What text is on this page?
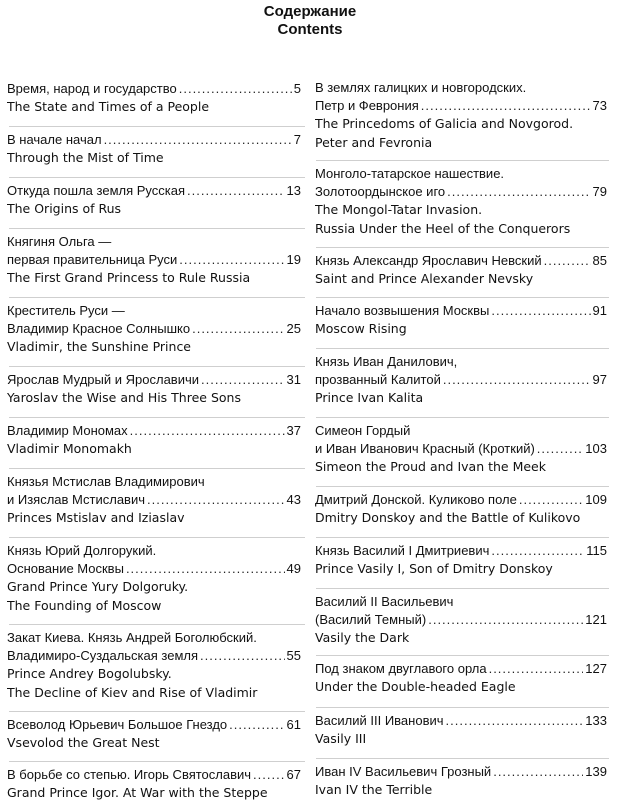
Содержание
Contents
Время, народ и государство .....	5
The State and Times of a People
В начале начал .....	7
Through the Mist of Time
Откуда пошла земля Русская .....	13
The Origins of Rus
Княгиня Ольга —
первая правительница Руси .....	19
The First Grand Princess to Rule Russia
Креститель Руси —
Владимир Красное Солнышко .....	25
Vladimir, the Sunshine Prince
Ярослав Мудрый и Ярославичи .....	31
Yaroslav the Wise and His Three Sons
Владимир Мономах .....	37
Vladimir Monomakh
Князья Мстислав Владимирович
и Изяслав Мстиславич .....	43
Princes Mstislav and Iziaslav
Князь Юрий Долгорукий.
Основание Москвы .....	49
Grand Prince Yury Dolgoruky.
The Founding of Moscow
Закат Киева. Князь Андрей Боголюбский.
Владимиро-Суздальская земля .....	55
Prince Andrey Bogolubsky.
The Decline of Kiev and Rise of Vladimir
Всеволод Юрьевич Большое Гнездо .....	61
Vsevolod the Great Nest
В борьбе со степью. Игорь Святославич .....	67
Grand Prince Igor. At War with the Steppe
В землях галицких и новгородских.
Петр и Феврония .....	73
The Princedoms of Galicia and Novgorod.
Peter and Fevronia
Монголо-татарское нашествие.
Золотоордынское иго .....	79
The Mongol-Tatar Invasion.
Russia Under the Heel of the Conquerors
Князь Александр Ярославич Невский .....	85
Saint and Prince Alexander Nevsky
Начало возвышения Москвы .....	91
Moscow Rising
Князь Иван Данилович,
прозванный Калитой .....	97
Prince Ivan Kalita
Симеон Гордый
и Иван Иванович Красный (Кроткий) .....	103
Simeon the Proud and Ivan the Meek
Дмитрий Донской. Куликово поле .....	109
Dmitry Donskoy and the Battle of Kulikovo
Князь Василий I Дмитриевич .....	115
Prince Vasily I, Son of Dmitry Donskoy
Василий II Васильевич
(Василий Темный) .....	121
Vasily the Dark
Под знаком двуглавого орла .....	127
Under the Double-headed Eagle
Василий III Иванович .....	133
Vasily III
Иван IV Васильевич Грозный .....	139
Ivan IV the Terrible
